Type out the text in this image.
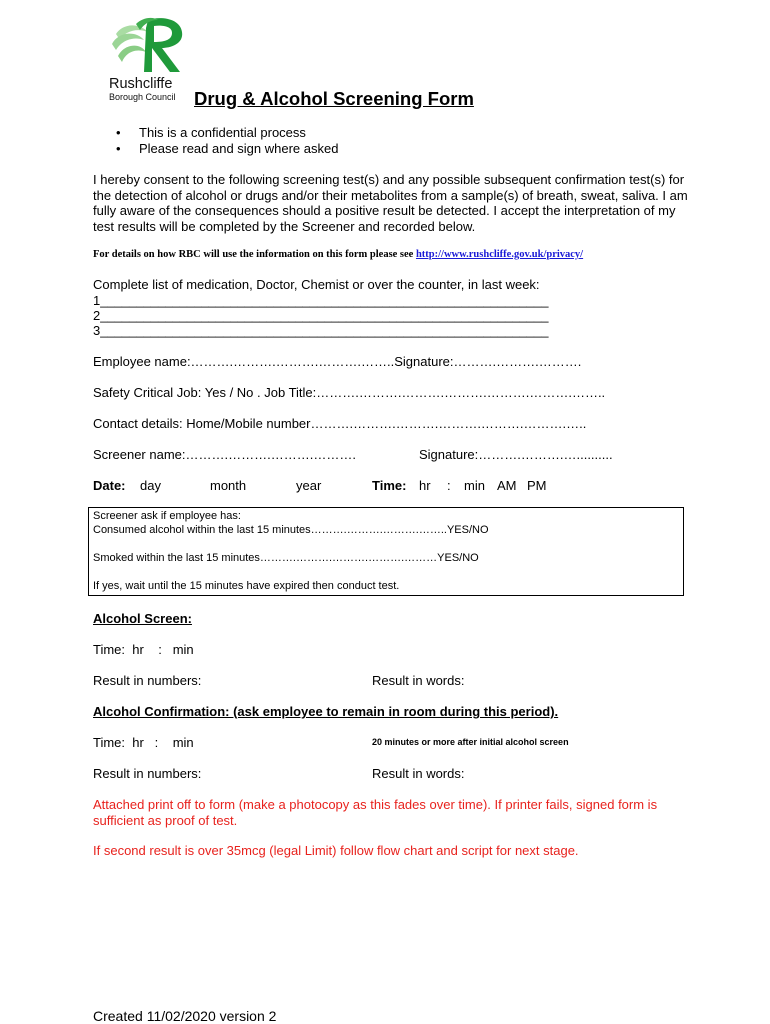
Rushcliffe
Borough Council Drug & Alcohol Screening Form
• This is a confidential process
• Please read and sign where asked
I hereby consent to the following screening test(s) and any possible subsequent confirmation test(s) for the detection of alcohol or drugs and/or their metabolites from a sample(s) of breath, sweat, saliva. I am fully aware of the consequences should a positive result be detected. I accept the interpretation of my test results will be completed by the Screener and recorded below.
For details on how RBC will use the information on this form please see http://www.rushcliffe.gov.uk/privacy/
Complete list of medication, Doctor, Chemist or over the counter, in last week:
1______________________________________________________________
2______________________________________________________________
3______________________________________________________________
Employee name:……….……….……….……….……..Signature:……….……….……….
Safety Critical Job: Yes / No . Job Title:……….……….……….……….……….……….……..
Contact details: Home/Mobile number……….……….……….……….……….……….…..
Screener name:……….……….……….……….	Signature:……….……….…..........
Date: day	month	year	Time: hr : min AM PM
Screener ask if employee has:
Consumed alcohol within the last 15 minutes……….……….……….……..YES/NO
Smoked within the last 15 minutes……….……….……….……….………YES/NO
If yes, wait until the 15 minutes have expired then conduct test.
Alcohol Screen:
Time:  hr    :   min
Result in numbers:	Result in words:
Alcohol Confirmation: (ask employee to remain in room during this period).
Time:  hr   :    min	20 minutes or more after initial alcohol screen
Result in numbers:	Result in words:
Attached print off to form (make a photocopy as this fades over time). If printer fails, signed form is sufficient as proof of test.
If second result is over 35mcg (legal Limit) follow flow chart and script for next stage.
Created 11/02/2020 version 2
